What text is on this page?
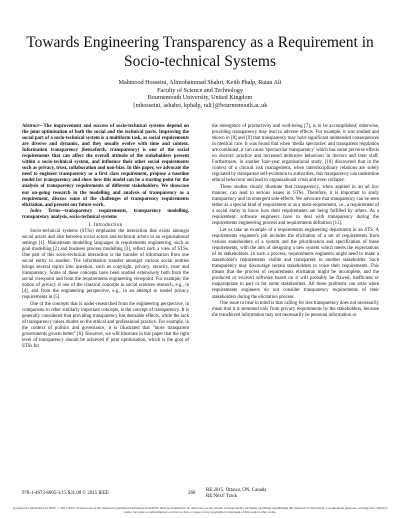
Towards Engineering Transparency as a Requirement in Socio-technical Systems
Mahmood Hosseini, Alimohammad Shahri, Keith Phalp, Raian Ali
Faculty of Science and Technology
Bournemouth University, United Kingdom
{mhosseini, ashahri, kphalp, rali}@bournemouth.ac.uk

Abstract—The improvement and success of socio-technical systems depend on the joint optimisation of both the social and the technical parts. Improving the social part of a socio-technical system is a multiform task, as social requirements are diverse and dynamic, and they usually evolve with time and context. Information transparency (henceforth, transparency) is one of the social requirements that can affect the overall attitude of the stakeholders present within a socio-technical system, and influence their other social requirements such as privacy, trust, collaboration and non-bias. In this paper, we advocate the need to engineer transparency as a first class requirement, propose a baseline model for transparency and show how this model can be a starting point for the analysis of transparency requirements of different stakeholders. We showcase our on-going research in the modelling and analysis of transparency as a requirement, discuss some of the challenges of transparency requirements elicitation, and present our future work.

Index Terms—transparency requirements, transparency modelling, transparency analysis, socio-technical systems

I. Introduction

Socio-technical systems (STSs) emphasise the interaction that exists amongst social actors and also between social actors and technical actors in an organisational settings [1]. Mainstream modelling languages in requirements engineering, such as goal modelling [2] and business process modelling [3], reflect such a view of STSs. One part of this socio-technical interaction is the transfer of information from one social entity to another. The information transfer amongst various social entities brings several topics into question, such as copyright, privacy, security, trust and transparency. Some of these concepts have been studied extensively both from the social viewpoint and from the requirements engineering viewpoint. For example, the notion of privacy is one of the classical concepts in social sciences research, e.g., in [4], and from the engineering perspective, e.g., in an attempt to model privacy requirements in [5].

One of the concepts that is under-researched from the engineering perspective, in comparison to other similarly important concepts, is the concept of transparency. It is generally considered that providing transparency has desirable effects, while the lack of transparency raises doubts on the ethical and professional practice. For example, in the context of politics and governance, it is illustrated that "more transparent governments govern better" [6]. However, we will illustrate in this paper that the right level of transparency should be achieved if joint optimisation, which is the goal of STSs for

the emergence of productivity and well-being [7], is to be accomplished; otherwise, providing transparency may lead to adverse effects. For example, it was studied and shown in [8] and [9] that transparency may have significant unintended consequences in medical care. It was found that when 'media spectacles' and transparent regulation are combined, it can cause 'spectacular transparency' which has some perverse effects on doctors' practice and increased defensive behaviour in doctors and their staff. Furthermore, in another four-year organisational study, [10] discovered that in the context of a clinical risk management, when interdisciplinary relations are solely regulated by transparent self-evolution to authorities, this transparency can undermine ethical behaviour and lead to organisational crisis and even collapse.

These studies clearly illustrate that transparency, when applied in an ad hoc manner, can lead to serious issues in STSs. Therefore, it is important to study transparency and its emergent side-effects. We advocate that transparency can be seen either as a special kind of requirement or as a meta-requirement, i.e., a requirement of a social entity to know how their requirements are being fulfilled by others. As a requirement, software engineers have to deal with transparency during the requirements engineering process and requirements definition [11].

Let us take an example of a requirements engineering department in an STS. A requirements engineer's job includes the elicitation of a set of requirements from various stakeholders of a system and the prioritisation and specification of these requirements, with the aim of designing a new system which meets the expectations of its stakeholders. In such a process, requirements engineers might need to make a stakeholder's requirements visible and transparent to another stakeholder. Such transparency may discourage certain stakeholders to voice their requirements. This means that the process of requirements elicitation might be incomplete, and the produced or evolved software based on it will probably be flawed, inefficient or inappropriate in part or for some stakeholders. All these problems can arise when requirements engineers do not consider transparency requirements of their stakeholders during the elicitation process.

One issue to bear in mind is that calling for less transparency does not necessarily mean that it is stemmed only from privacy requirements by the stakeholders, because the transferred information may not necessarily be personal information or

978-1-4673-6905-3/15 $31.00 © 2015 IEEE	268
RE 2015, Ottawa, ON, Canada
RE:Next! Track
Accepted for publication by IEEE. © 2015 IEEE. Personal use of this material is permitted. Permission from IEEE must be obtained for all other uses, in any current or future media, including reprinting/ republishing this material for advertising or promotional purposes, creating new collective works, for resale or redistribution to servers or lists, or reuse of any copyrighted component of this work in other works.
